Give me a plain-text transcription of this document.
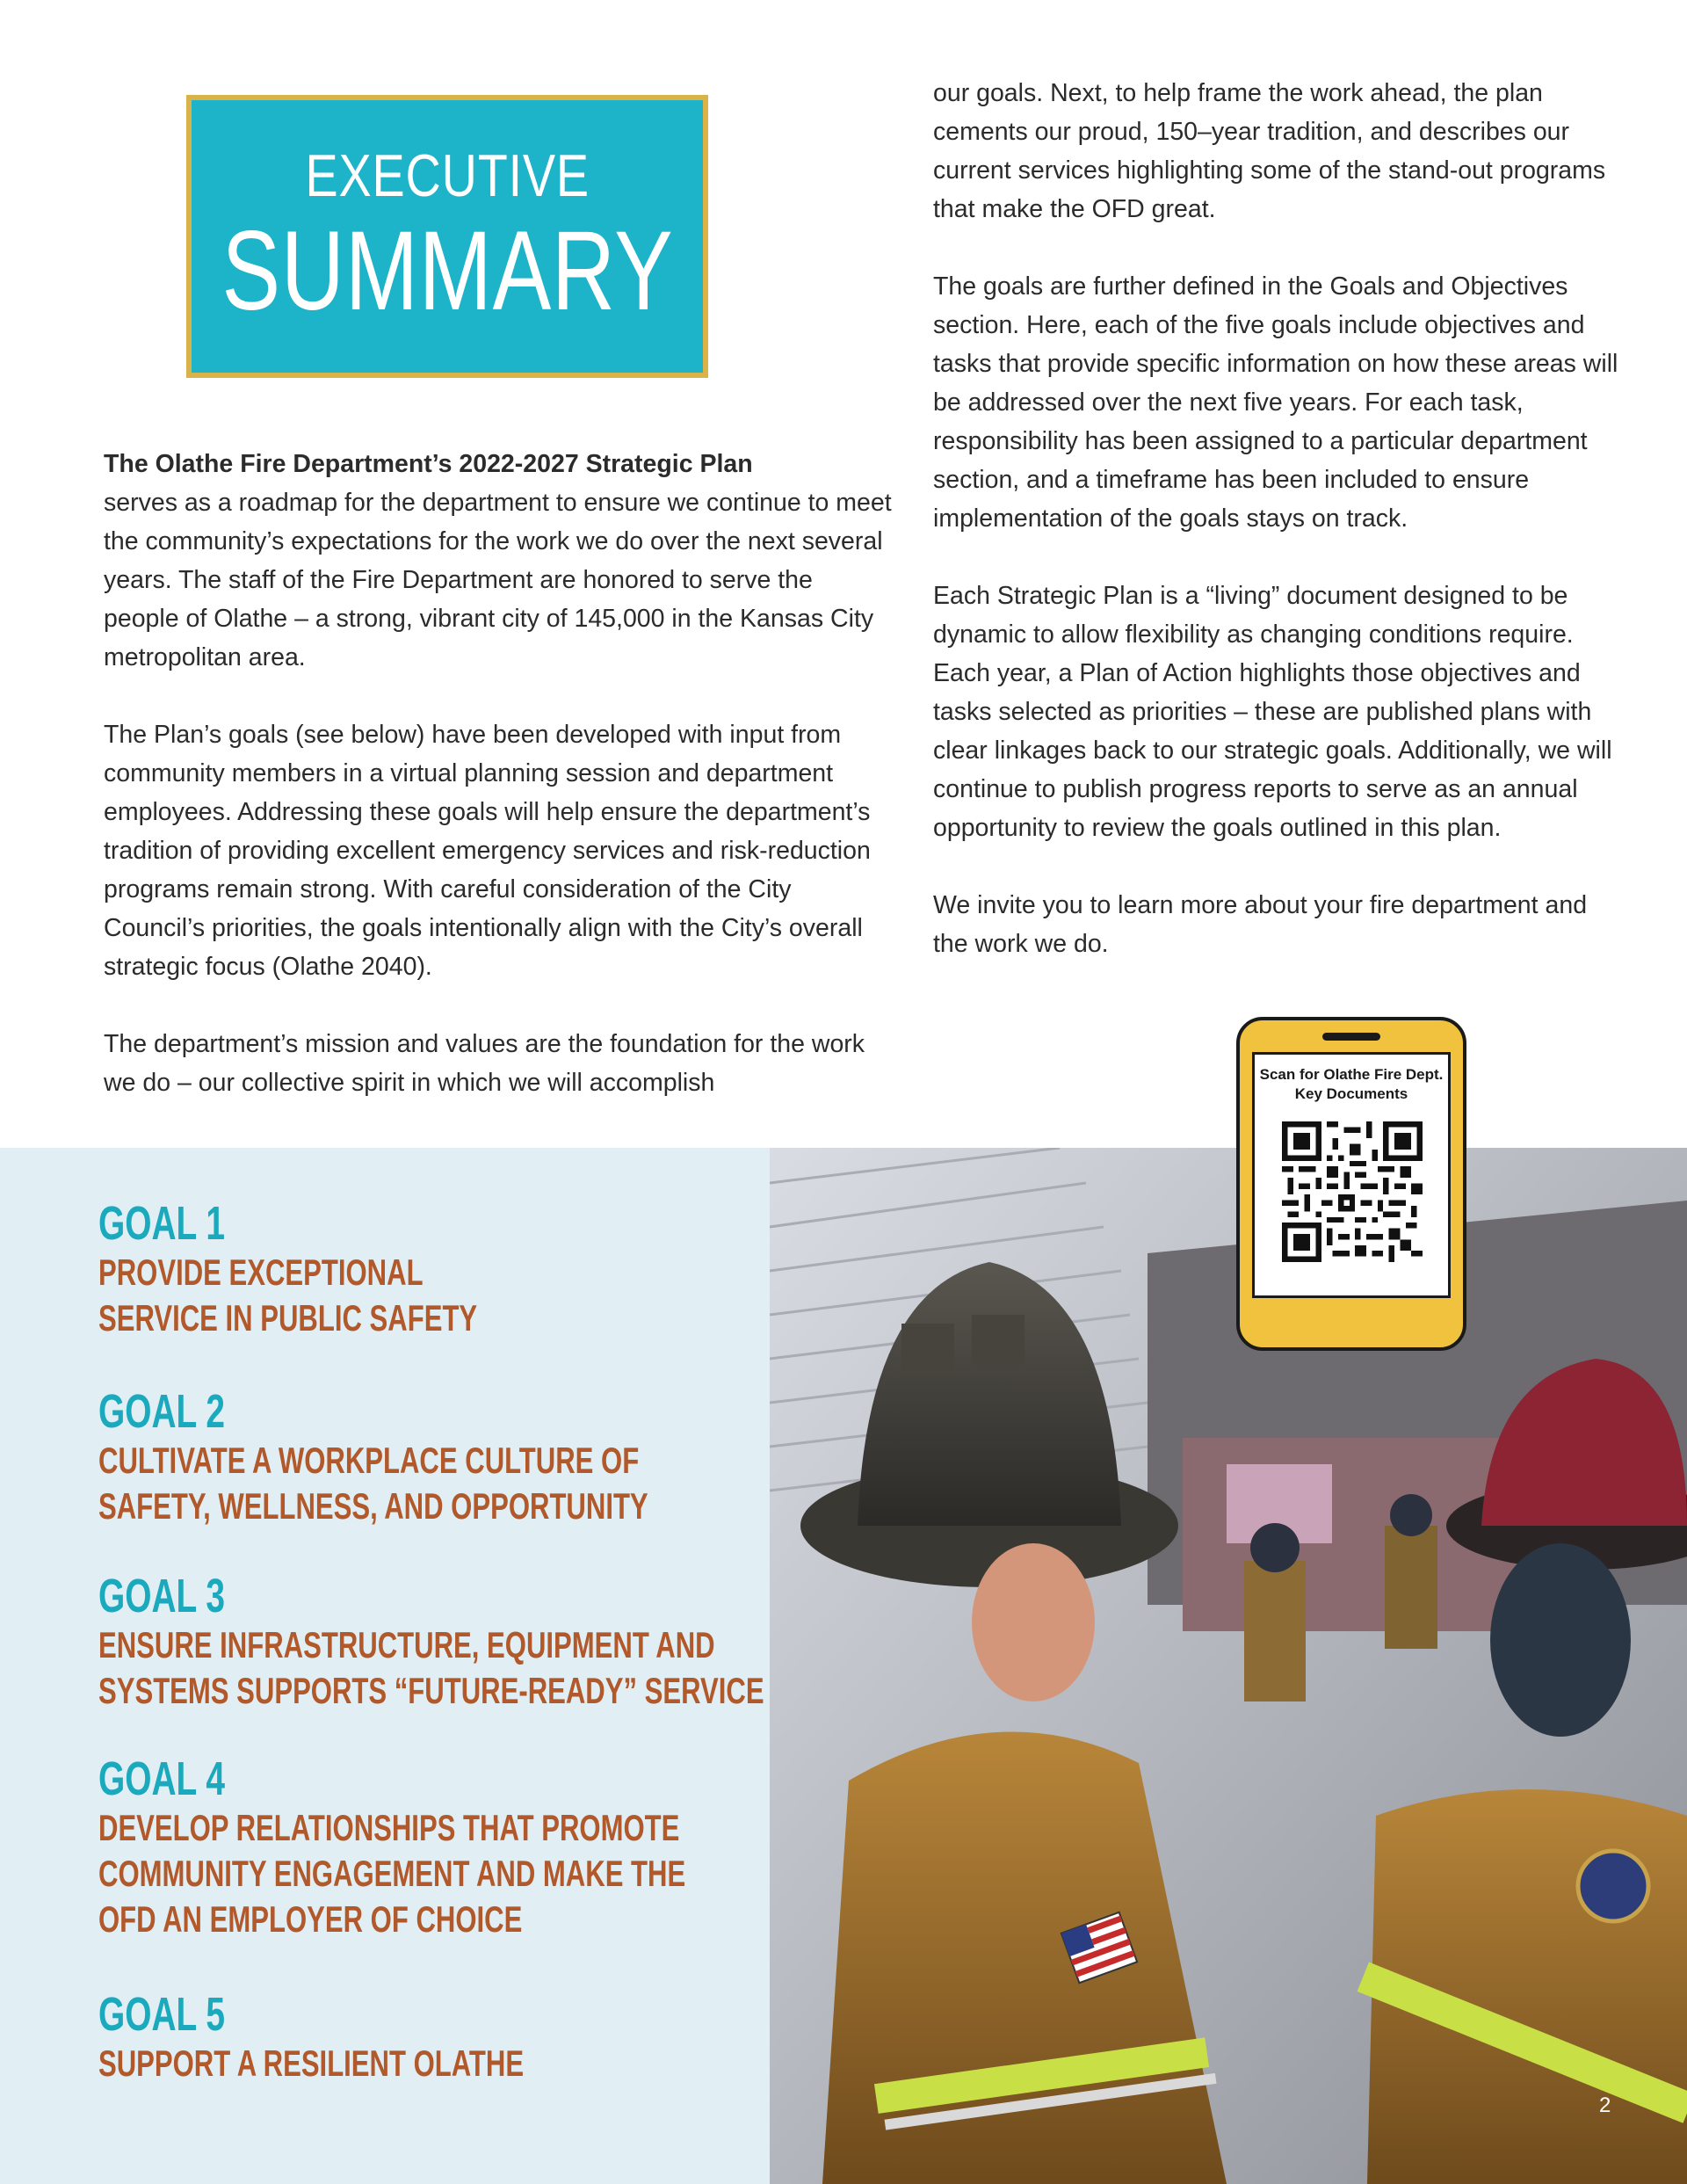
EXECUTIVE
SUMMARY

The Olathe Fire Department’s 2022-2027 Strategic Plan
serves as a roadmap for the department to ensure we continue to meet the community’s expectations for the work we do over the next several years. The staff of the Fire Department are honored to serve the people of Olathe – a strong, vibrant city of 145,000 in the Kansas City metropolitan area.

The Plan’s goals (see below) have been developed with input from community members in a virtual planning session and department employees. Addressing these goals will help ensure the department’s tradition of providing excellent emergency services and risk-reduction programs remain strong. With careful consideration of the City Council’s priorities, the goals intentionally align with the City’s overall strategic focus (Olathe 2040).

The department’s mission and values are the foundation for the work we do – our collective spirit in which we will accomplish

our goals. Next, to help frame the work ahead, the plan cements our proud, 150–year tradition, and describes our current services highlighting some of the stand-out programs that make the OFD great.

The goals are further defined in the Goals and Objectives section. Here, each of the five goals include objectives and tasks that provide specific information on how these areas will be addressed over the next five years. For each task, responsibility has been assigned to a particular department section, and a timeframe has been included to ensure implementation of the goals stays on track.

Each Strategic Plan is a “living” document designed to be dynamic to allow flexibility as changing conditions require. Each year, a Plan of Action highlights those objectives and tasks selected as priorities – these are published plans with clear linkages back to our strategic goals. Additionally, we will continue to publish progress reports to serve as an annual opportunity to review the goals outlined in this plan.

We invite you to learn more about your fire department and the work we do.

GOAL 1
PROVIDE EXCEPTIONAL
SERVICE IN PUBLIC SAFETY
GOAL 2
CULTIVATE A WORKPLACE CULTURE OF
SAFETY, WELLNESS, AND OPPORTUNITY
GOAL 3
ENSURE INFRASTRUCTURE, EQUIPMENT AND
SYSTEMS SUPPORTS “FUTURE-READY” SERVICE
GOAL 4
DEVELOP RELATIONSHIPS THAT PROMOTE
COMMUNITY ENGAGEMENT AND MAKE THE
OFD AN EMPLOYER OF CHOICE
GOAL 5
SUPPORT A RESILIENT OLATHE
Scan for Olathe Fire Dept.
Key Documents
2
